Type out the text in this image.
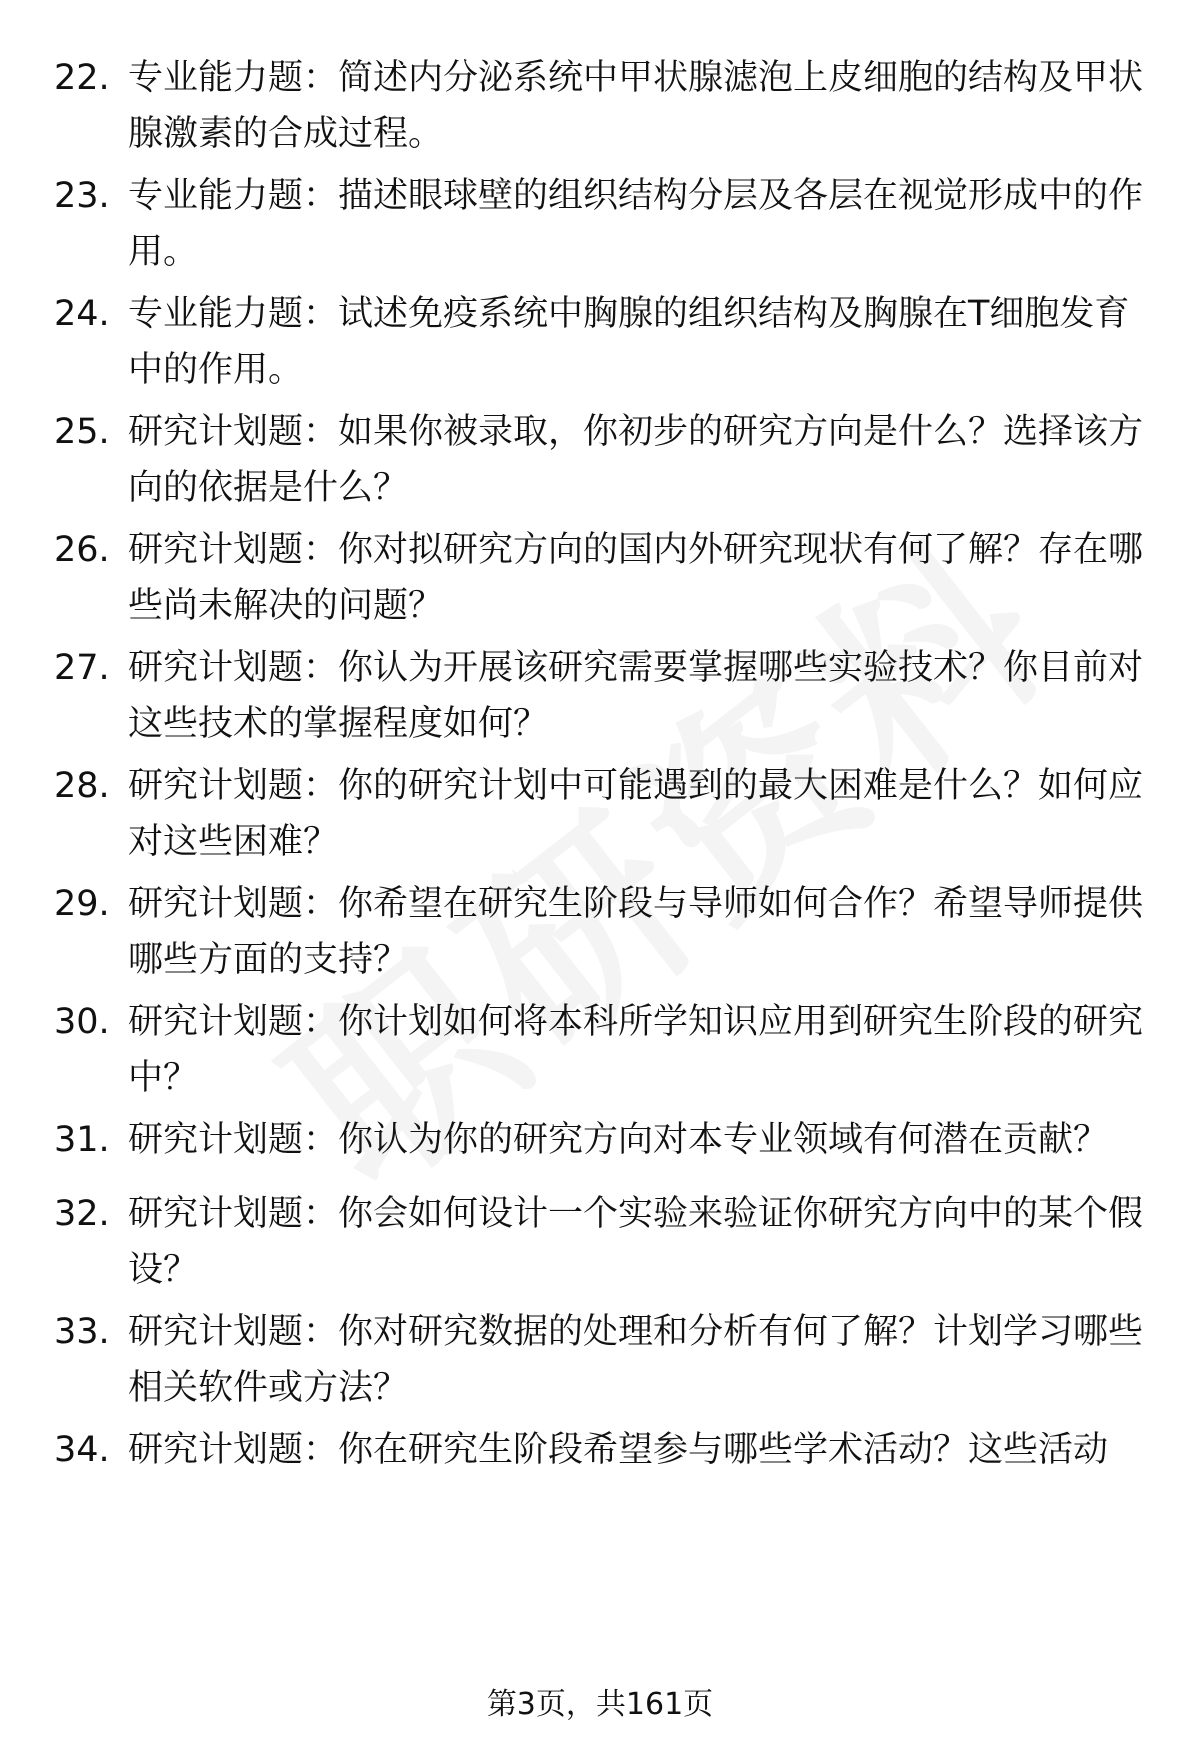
22. 专业能力题：简述内分泌系统中甲状腺滤泡上皮细胞的结构及甲状腺激素的合成过程。
23. 专业能力题：描述眼球壁的组织结构分层及各层在视觉形成中的作用。
24. 专业能力题：试述免疫系统中胸腺的组织结构及胸腺在T细胞发育中的作用。
25. 研究计划题：如果你被录取，你初步的研究方向是什么？选择该方向的依据是什么？
26. 研究计划题：你对拟研究方向的国内外研究现状有何了解？存在哪些尚未解决的问题？
27. 研究计划题：你认为开展该研究需要掌握哪些实验技术？你目前对这些技术的掌握程度如何？
28. 研究计划题：你的研究计划中可能遇到的最大困难是什么？如何应对这些困难？
29. 研究计划题：你希望在研究生阶段与导师如何合作？希望导师提供哪些方面的支持？
30. 研究计划题：你计划如何将本科所学知识应用到研究生阶段的研究中？
31. 研究计划题：你认为你的研究方向对本专业领域有何潜在贡献？
32. 研究计划题：你会如何设计一个实验来验证你研究方向中的某个假设？
33. 研究计划题：你对研究数据的处理和分析有何了解？计划学习哪些相关软件或方法？
34. 研究计划题：你在研究生阶段希望参与哪些学术活动？这些活动
第3页，共161页
